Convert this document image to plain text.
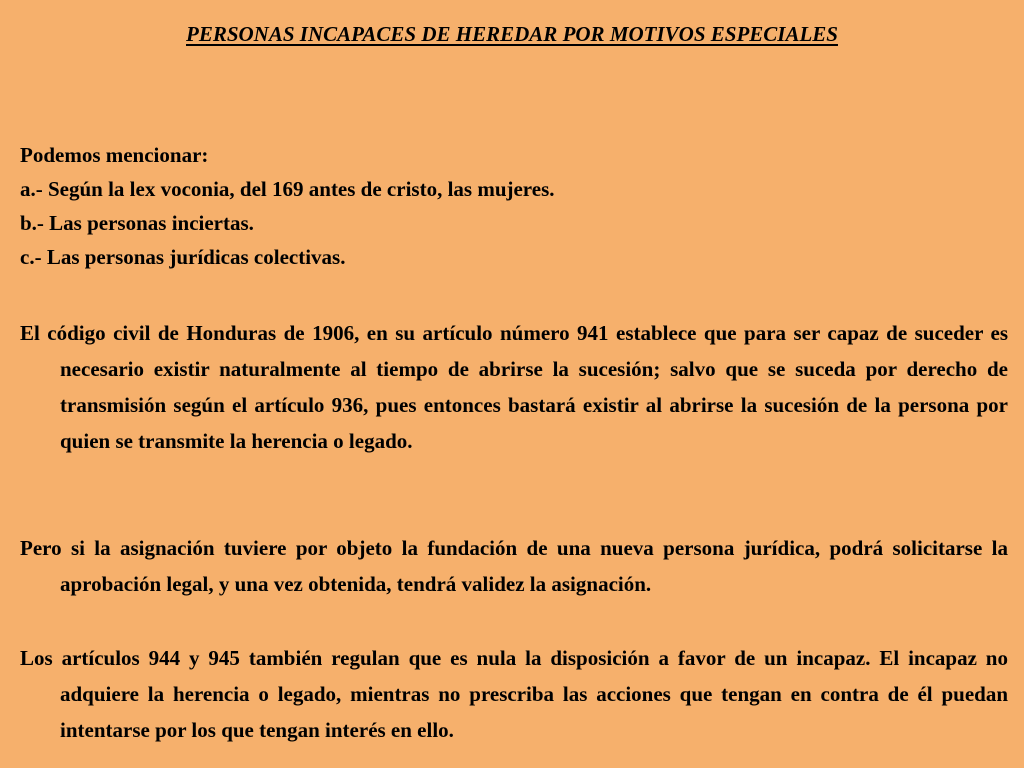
PERSONAS INCAPACES DE HEREDAR POR MOTIVOS ESPECIALES
Podemos mencionar:
a.- Según la lex voconia, del 169 antes de cristo, las mujeres.
b.- Las personas inciertas.
c.- Las personas jurídicas colectivas.

El código civil de Honduras de 1906, en su artículo número 941 establece que para ser capaz de suceder es necesario existir naturalmente al tiempo de abrirse la sucesión; salvo que se suceda por derecho de transmisión según el artículo 936, pues entonces bastará existir al abrirse la sucesión de la persona por quien se transmite la herencia o legado.

Pero si la asignación tuviere por objeto la fundación de una nueva persona jurídica, podrá solicitarse la aprobación legal, y una vez obtenida, tendrá validez la asignación.

Los artículos 944 y 945 también regulan que es nula la disposición a favor de un incapaz. El incapaz no adquiere la herencia o legado, mientras no prescriba las acciones que tengan en contra de él puedan intentarse por los que tengan interés en ello.
